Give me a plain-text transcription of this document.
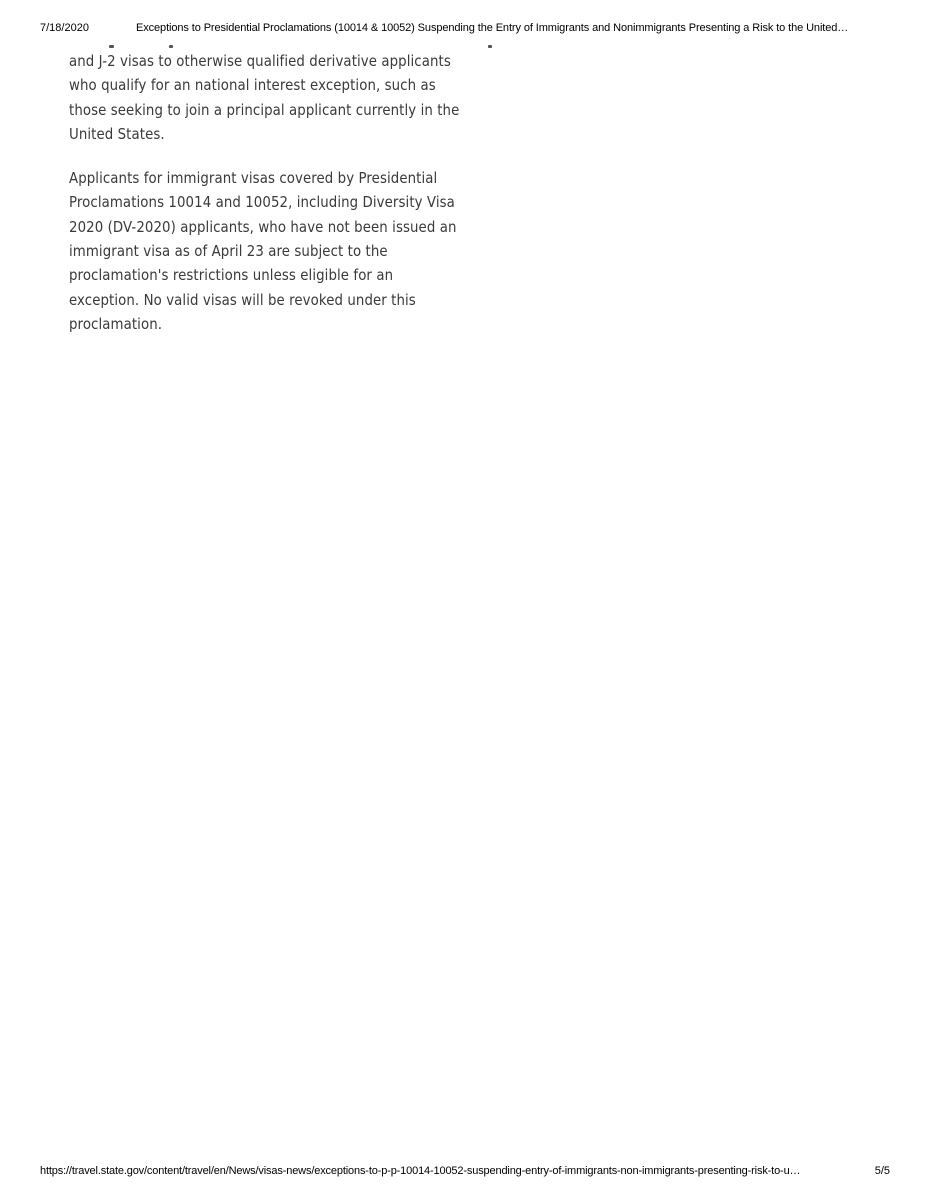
7/18/2020	Exceptions to Presidential Proclamations (10014 & 10052) Suspending the Entry of Immigrants and Nonimmigrants Presenting a Risk to the United…

and J-2 visas to otherwise qualified derivative applicants
who qualify for an national interest exception, such as
those seeking to join a principal applicant currently in the
United States.

Applicants for immigrant visas covered by Presidential
Proclamations 10014 and 10052, including Diversity Visa
2020 (DV-2020) applicants, who have not been issued an
immigrant visa as of April 23 are subject to the
proclamation's restrictions unless eligible for an
exception. No valid visas will be revoked under this
proclamation.

https://travel.state.gov/content/travel/en/News/visas-news/exceptions-to-p-p-10014-10052-suspending-entry-of-immigrants-non-immigrants-presenting-risk-to-u…	5/5
